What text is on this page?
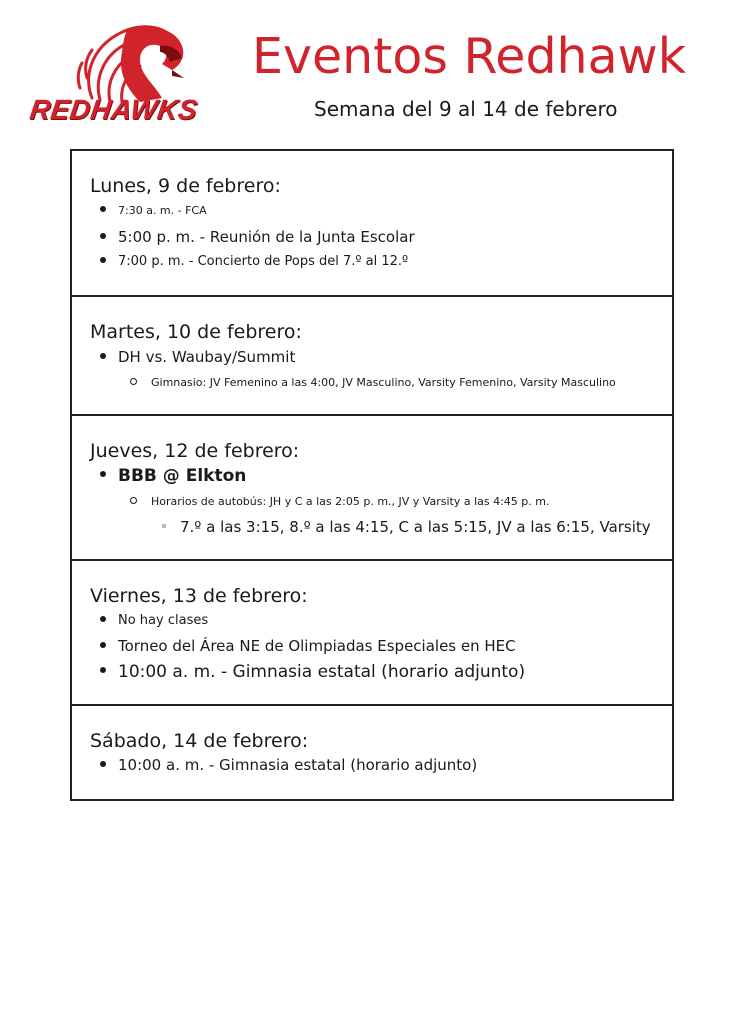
REDHAWKS
Eventos Redhawk
Semana del 9 al 14 de febrero
Lunes, 9 de febrero:
7:30 a. m. - FCA
5:00 p. m. - Reunión de la Junta Escolar
7:00 p. m. - Concierto de Pops del 7.º al 12.º
Martes, 10 de febrero:
DH vs. Waubay/Summit
Gimnasio: JV Femenino a las 4:00, JV Masculino, Varsity Femenino, Varsity Masculino
Jueves, 12 de febrero:
BBB @ Elkton
Horarios de autobús: JH y C a las 2:05 p. m., JV y Varsity a las 4:45 p. m.
7.º a las 3:15, 8.º a las 4:15, C a las 5:15, JV a las 6:15, Varsity
Viernes, 13 de febrero:
No hay clases
Torneo del Área NE de Olimpiadas Especiales en HEC
10:00 a. m. - Gimnasia estatal (horario adjunto)
Sábado, 14 de febrero:
10:00 a. m. - Gimnasia estatal (horario adjunto)
